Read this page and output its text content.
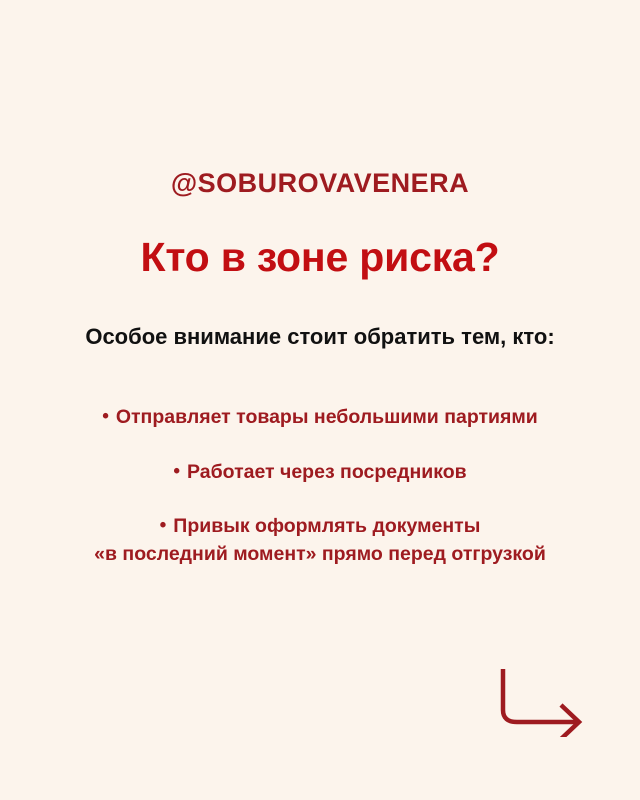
@SOBUROVAVENERA
Кто в зоне риска?
Особое внимание стоит обратить тем, кто:
• Отправляет товары небольшими партиями
• Работает через посредников
• Привык оформлять документы
«в последний момент» прямо перед отгрузкой
